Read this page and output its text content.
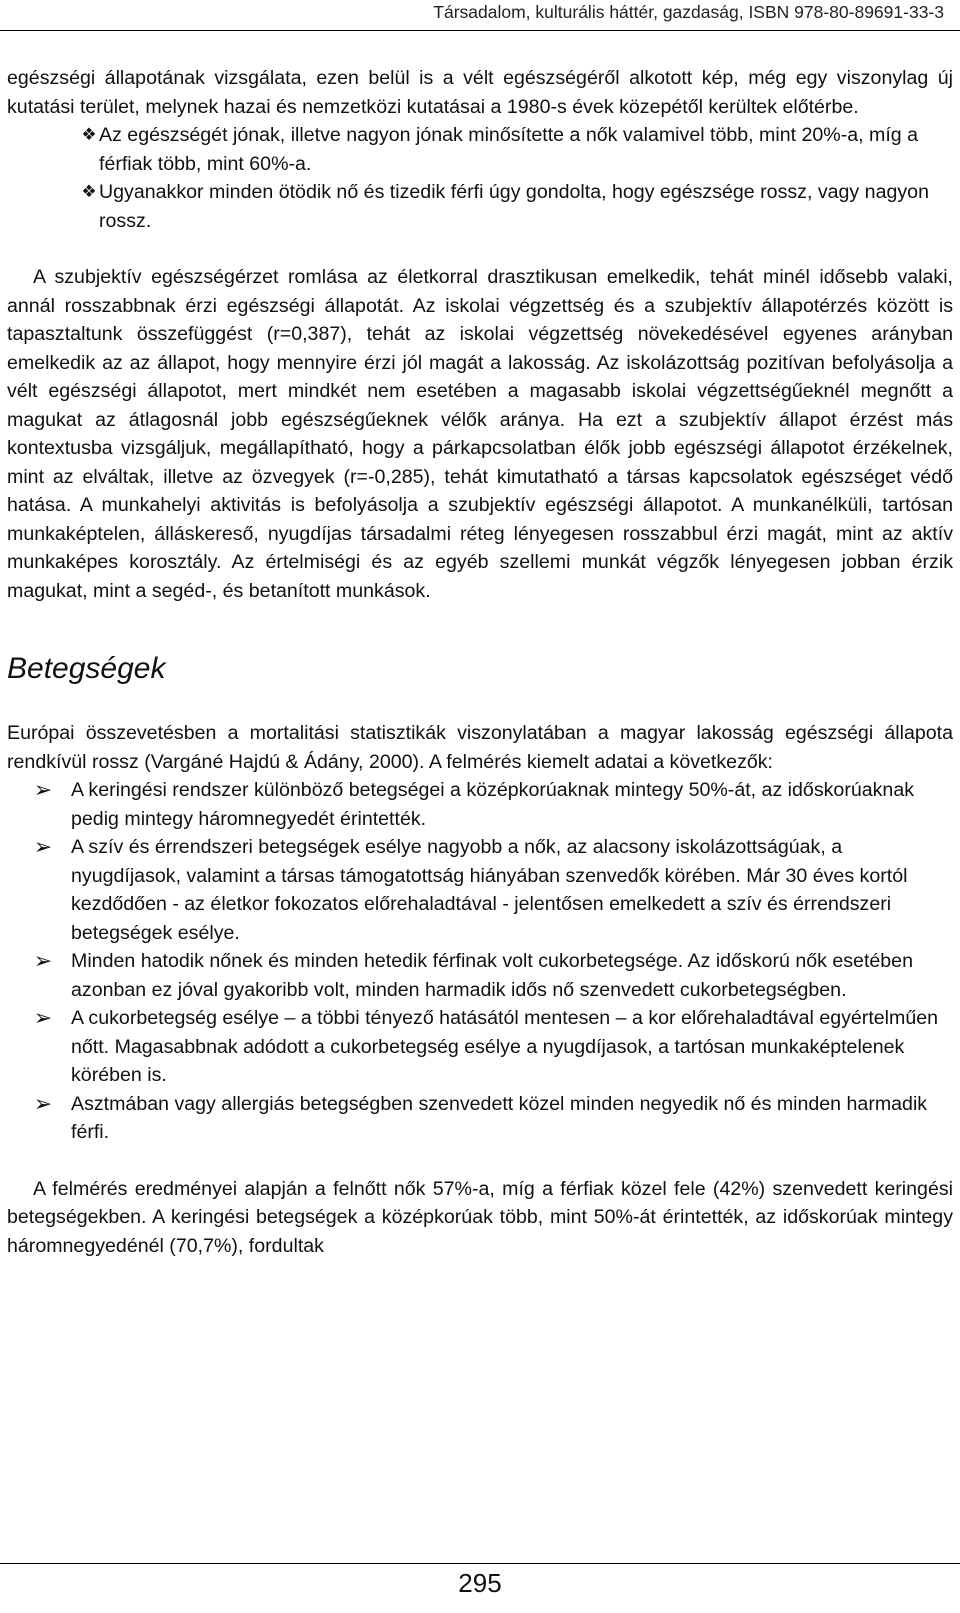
Társadalom, kulturális háttér, gazdaság, ISBN 978-80-89691-33-3

egészségi állapotának vizsgálata, ezen belül is a vélt egészségéről alkotott kép, még egy viszonylag új kutatási terület, melynek hazai és nemzetközi kutatásai a 1980-s évek közepétől kerültek előtérbe.

❖ Az egészségét jónak, illetve nagyon jónak minősítette a nők valamivel több, mint 20%-a, míg a férfiak több, mint 60%-a.
❖ Ugyanakkor minden ötödik nő és tizedik férfi úgy gondolta, hogy egészsége rossz, vagy nagyon rossz.

A szubjektív egészségérzet romlása az életkorral drasztikusan emelkedik, tehát minél idősebb valaki, annál rosszabbnak érzi egészségi állapotát. Az iskolai végzettség és a szubjektív állapotérzés között is tapasztaltunk összefüggést (r=0,387), tehát az iskolai végzettség növekedésével egyenes arányban emelkedik az az állapot, hogy mennyire érzi jól magát a lakosság. Az iskolázottság pozitívan befolyásolja a vélt egészségi állapotot, mert mindkét nem esetében a magasabb iskolai végzettségűeknél megnőtt a magukat az átlagosnál jobb egészségűeknek vélők aránya. Ha ezt a szubjektív állapot érzést más kontextusba vizsgáljuk, megállapítható, hogy a párkapcsolatban élők jobb egészségi állapotot érzékelnek, mint az elváltak, illetve az özvegyek (r=-0,285), tehát kimutatható a társas kapcsolatok egészséget védő hatása. A munkahelyi aktivitás is befolyásolja a szubjektív egészségi állapotot. A munkanélküli, tartósan munkaképtelen, álláskereső, nyugdíjas társadalmi réteg lényegesen rosszabbul érzi magát, mint az aktív munkaképes korosztály. Az értelmiségi és az egyéb szellemi munkát végzők lényegesen jobban érzik magukat, mint a segéd-, és betanított munkások.

Betegségek

Európai összevetésben a mortalitási statisztikák viszonylatában a magyar lakosság egészségi állapota rendkívül rossz (Vargáné Hajdú & Ádány, 2000). A felmérés kiemelt adatai a következők:

➢ A keringési rendszer különböző betegségei a középkorúaknak mintegy 50%-át, az időskorúaknak pedig mintegy háromnegyedét érintették.
➢ A szív és érrendszeri betegségek esélye nagyobb a nők, az alacsony iskolázottságúak, a nyugdíjasok, valamint a társas támogatottság hiányában szenvedők körében. Már 30 éves kortól kezdődően - az életkor fokozatos előrehaladtával - jelentősen emelkedett a szív és érrendszeri betegségek esélye.
➢ Minden hatodik nőnek és minden hetedik férfinak volt cukorbetegsége. Az időskorú nők esetében azonban ez jóval gyakoribb volt, minden harmadik idős nő szenvedett cukorbetegségben.
➢ A cukorbetegség esélye – a többi tényező hatásától mentesen – a kor előrehaladtával egyértelműen nőtt. Magasabbnak adódott a cukorbetegség esélye a nyugdíjasok, a tartósan munkaképtelenek körében is.
➢ Asztmában vagy allergiás betegségben szenvedett közel minden negyedik nő és minden harmadik férfi.

A felmérés eredményei alapján a felnőtt nők 57%-a, míg a férfiak közel fele (42%) szenvedett keringési betegségekben. A keringési betegségek a középkorúak több, mint 50%-át érintették, az időskorúak mintegy háromnegyedénél (70,7%), fordultak

295
